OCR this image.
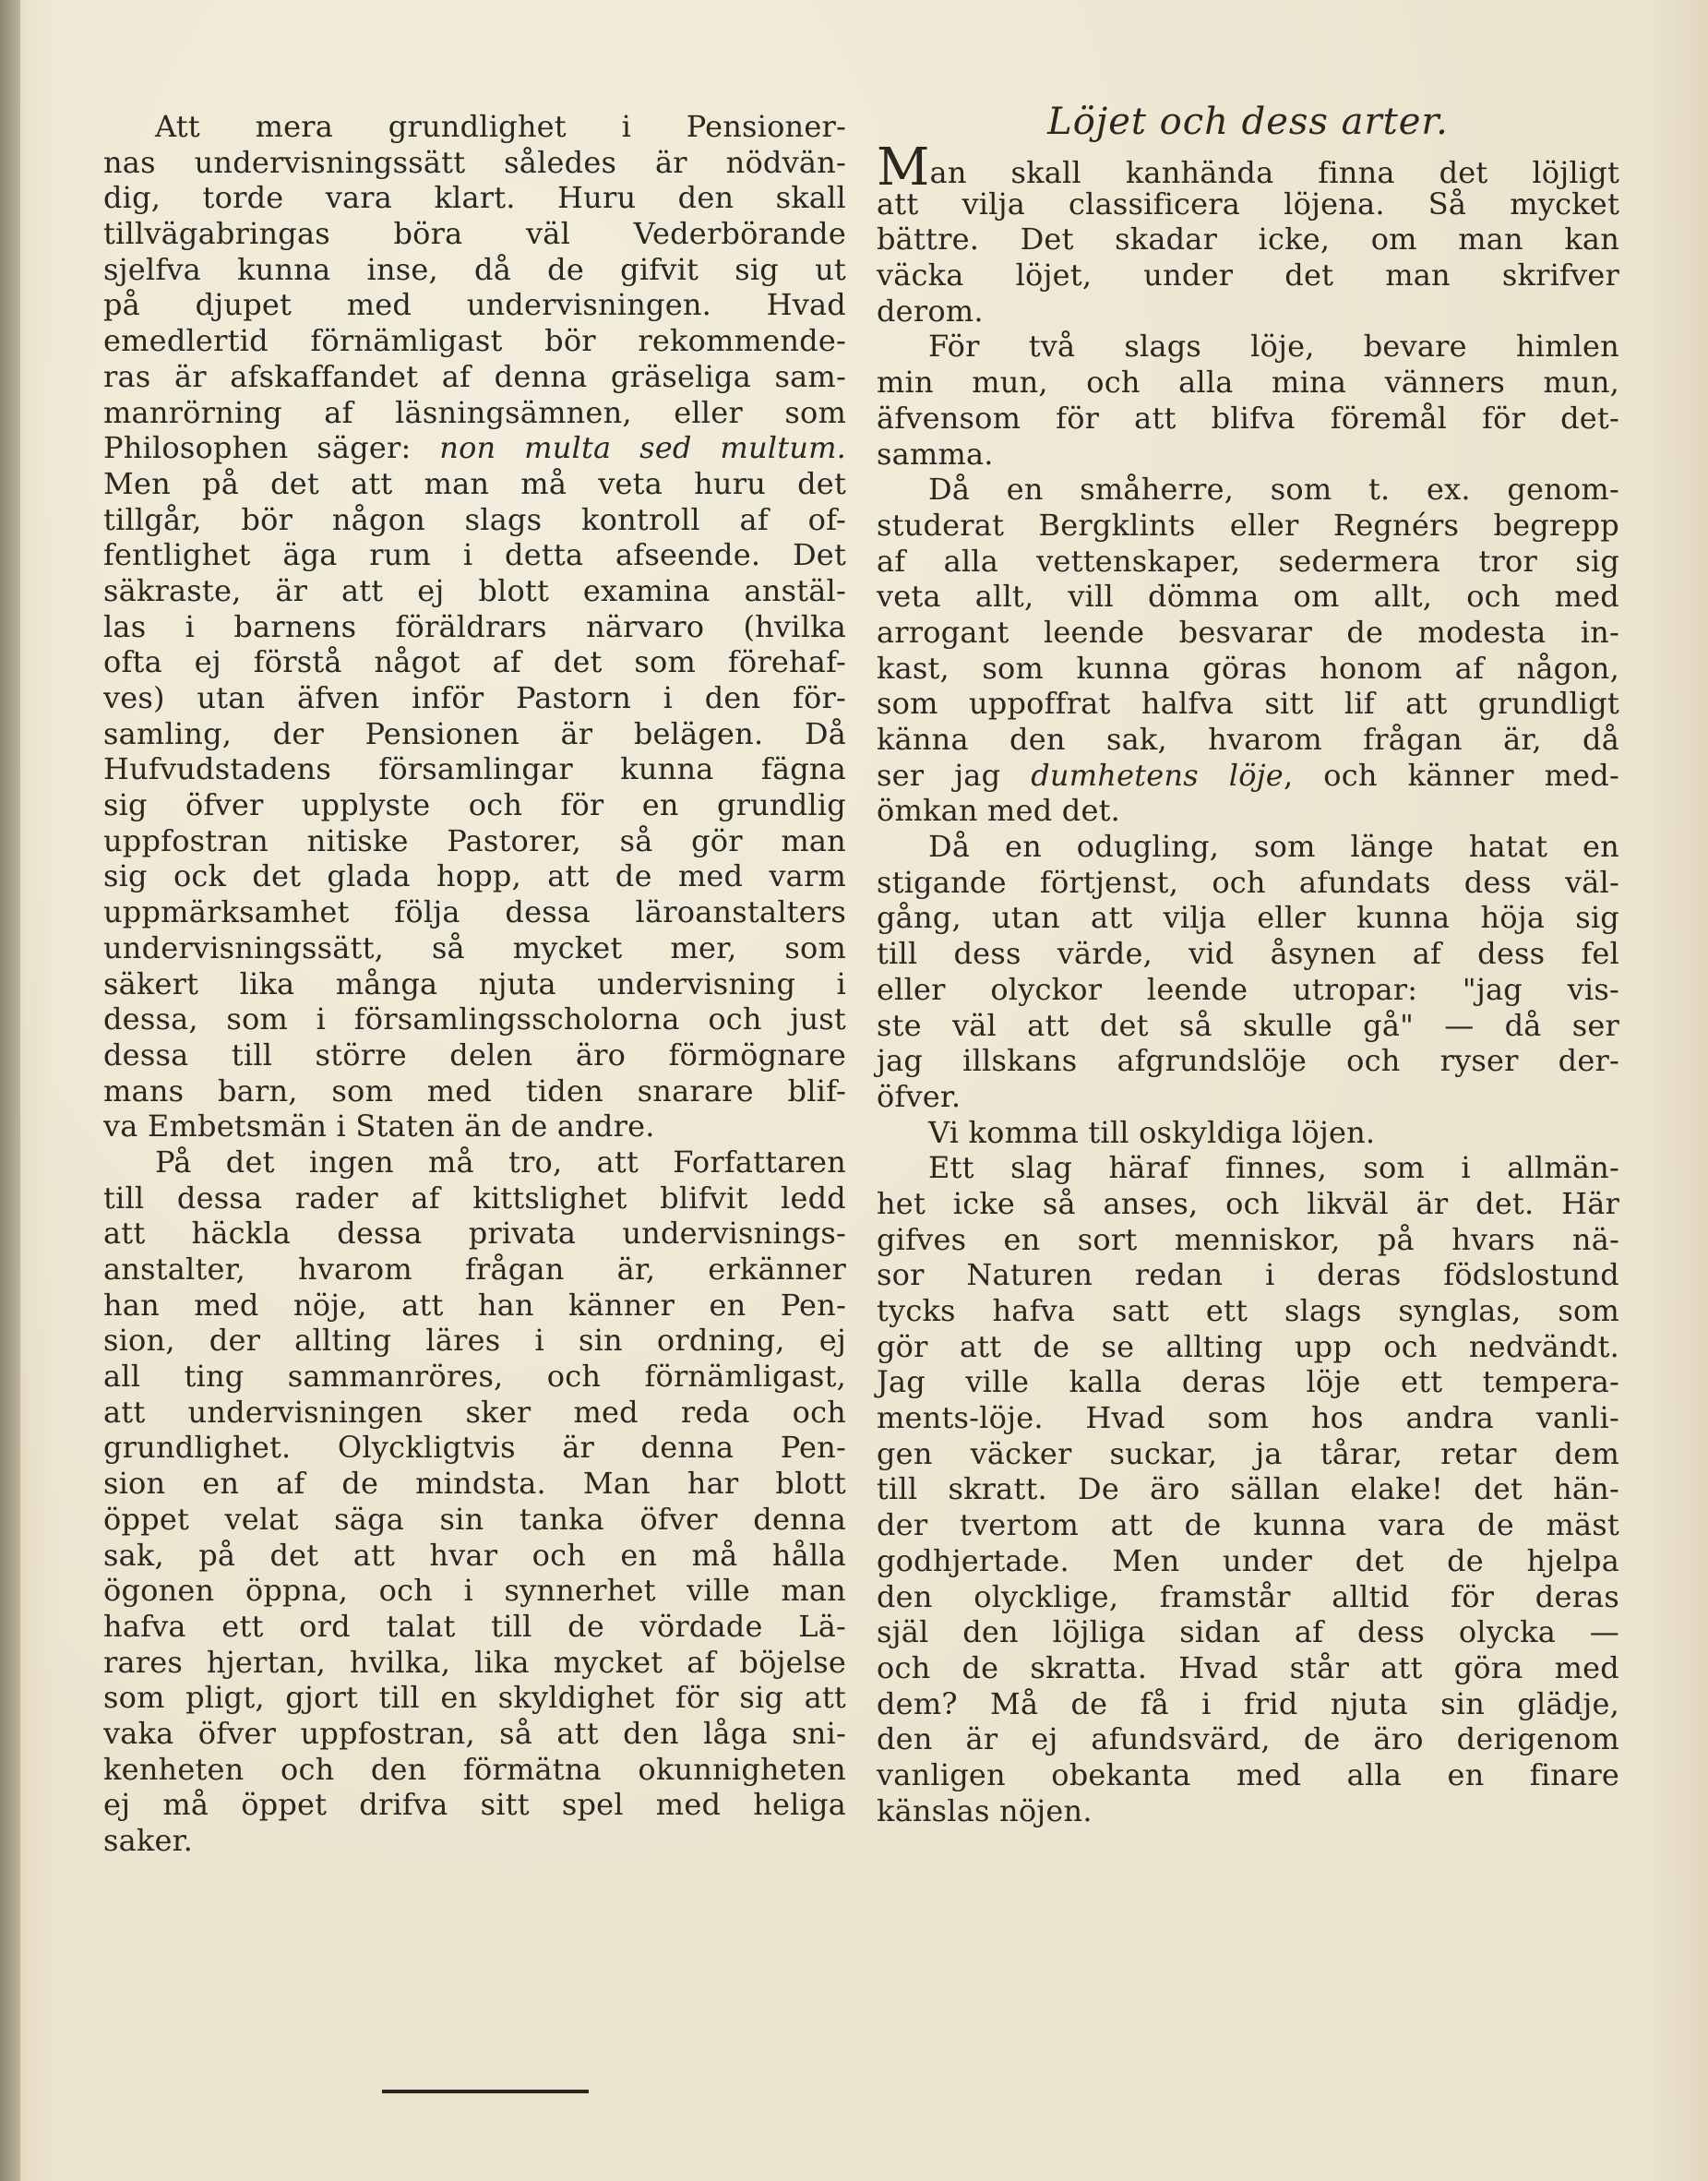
Att mera grundlighet i Pensioner-
nas undervisningssätt således är nödvän-
dig, torde vara klart. Huru den skall
tillvägabringas böra väl Vederbörande
sjelfva kunna inse, då de gifvit sig ut
på djupet med undervisningen. Hvad
emedlertid förnämligast bör rekommende-
ras är afskaffandet af denna gräseliga sam-
manrörning af läsningsämnen, eller som
Philosophen säger: non multa sed multum.
Men på det att man må veta huru det
tillgår, bör någon slags kontroll af of-
fentlighet äga rum i detta afseende. Det
säkraste, är att ej blott examina anstäl-
las i barnens föräldrars närvaro (hvilka
ofta ej förstå något af det som förehaf-
ves) utan äfven inför Pastorn i den för-
samling, der Pensionen är belägen. Då
Hufvudstadens församlingar kunna fägna
sig öfver upplyste och för en grundlig
uppfostran nitiske Pastorer, så gör man
sig ock det glada hopp, att de med varm
uppmärksamhet följa dessa läroanstalters
undervisningssätt, så mycket mer, som
säkert lika många njuta undervisning i
dessa, som i församlingsscholorna och just
dessa till större delen äro förmögnare
mans barn, som med tiden snarare blif-
va Embetsmän i Staten än de andre.
På det ingen må tro, att Forfattaren
till dessa rader af kittslighet blifvit ledd
att häckla dessa privata undervisnings-
anstalter, hvarom frågan är, erkänner
han med nöje, att han känner en Pen-
sion, der allting läres i sin ordning, ej
all ting sammanröres, och förnämligast,
att undervisningen sker med reda och
grundlighet. Olyckligtvis är denna Pen-
sion en af de mindsta. Man har blott
öppet velat säga sin tanka öfver denna
sak, på det att hvar och en må hålla
ögonen öppna, och i synnerhet ville man
hafva ett ord talat till de vördade Lä-
rares hjertan, hvilka, lika mycket af böjelse
som pligt, gjort till en skyldighet för sig att
vaka öfver uppfostran, så att den låga sni-
kenheten och den förmätna okunnigheten
ej må öppet drifva sitt spel med heliga
saker.
Löjet och dess arter.
Man skall kanhända finna det löjligt
att vilja classificera löjena. Så mycket
bättre. Det skadar icke, om man kan
väcka löjet, under det man skrifver
derom.
För två slags löje, bevare himlen
min mun, och alla mina vänners mun,
äfvensom för att blifva föremål för det-
samma.
Då en småherre, som t. ex. genom-
studerat Bergklints eller Regnérs begrepp
af alla vettenskaper, sedermera tror sig
veta allt, vill dömma om allt, och med
arrogant leende besvarar de modesta in-
kast, som kunna göras honom af någon,
som uppoffrat halfva sitt lif att grundligt
känna den sak, hvarom frågan är, då
ser jag dumhetens löje, och känner med-
ömkan med det.
Då en odugling, som länge hatat en
stigande förtjenst, och afundats dess väl-
gång, utan att vilja eller kunna höja sig
till dess värde, vid åsynen af dess fel
eller olyckor leende utropar: "jag vis-
ste väl att det så skulle gå" — då ser
jag illskans afgrundslöje och ryser der-
öfver.
Vi komma till oskyldiga löjen.
Ett slag häraf finnes, som i allmän-
het icke så anses, och likväl är det. Här
gifves en sort menniskor, på hvars nä-
sor Naturen redan i deras födslostund
tycks hafva satt ett slags synglas, som
gör att de se allting upp och nedvändt.
Jag ville kalla deras löje ett tempera-
ments-löje. Hvad som hos andra vanli-
gen väcker suckar, ja tårar, retar dem
till skratt. De äro sällan elake! det hän-
der tvertom att de kunna vara de mäst
godhjertade. Men under det de hjelpa
den olycklige, framstår alltid för deras
själ den löjliga sidan af dess olycka —
och de skratta. Hvad står att göra med
dem? Må de få i frid njuta sin glädje,
den är ej afundsvärd, de äro derigenom
vanligen obekanta med alla en finare
känslas nöjen.
